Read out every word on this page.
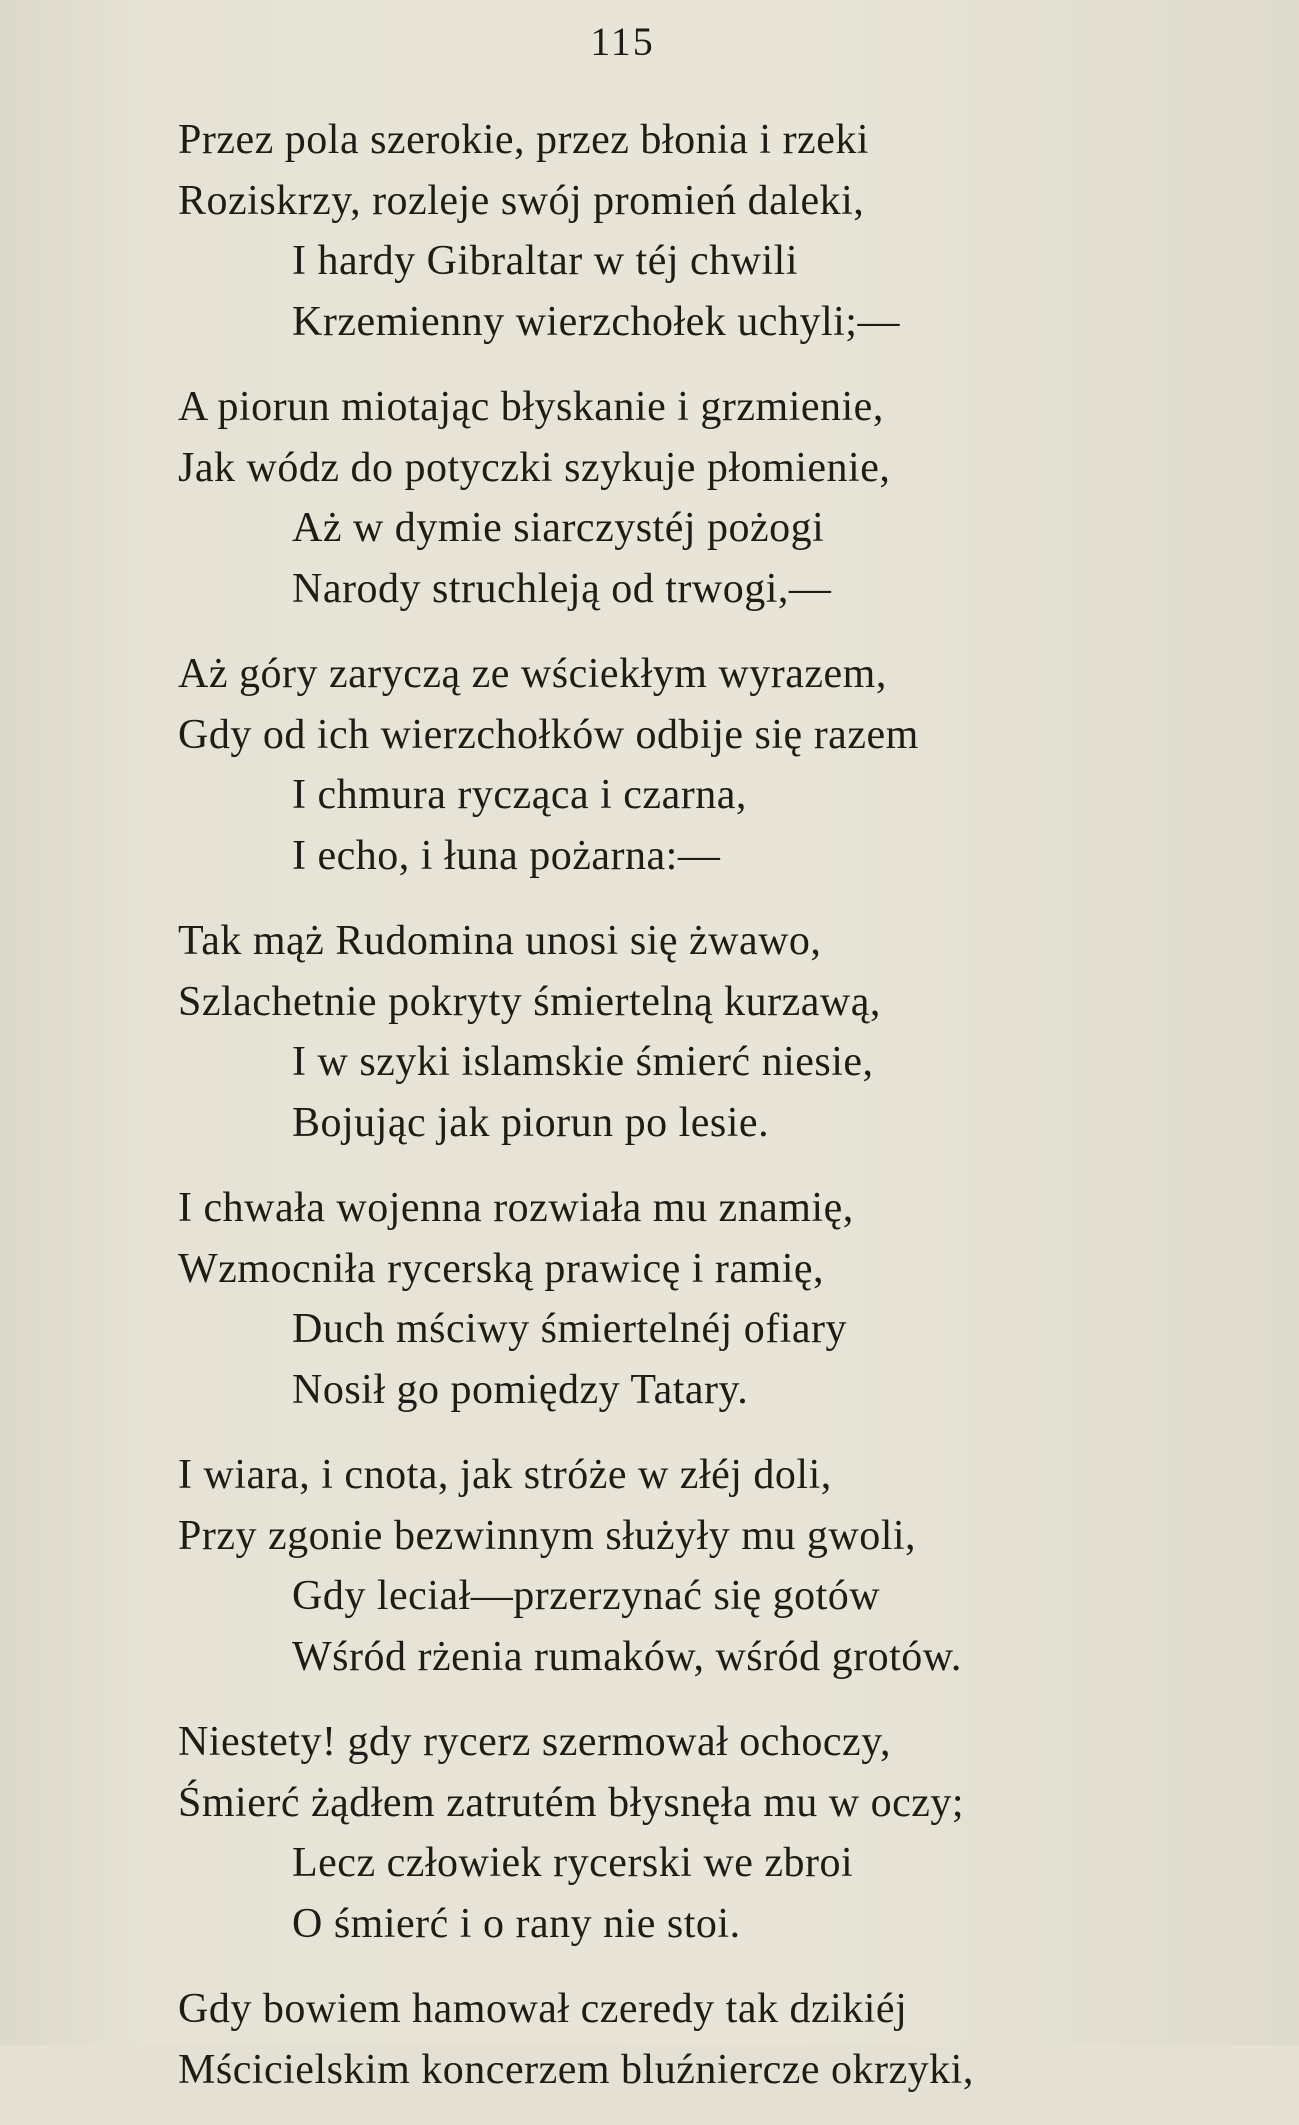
115
Przez pola szerokie, przez błonia i rzeki
Roziskrzy, rozleje swój promień daleki,
I hardy Gibraltar w téj chwili
Krzemienny wierzchołek uchyli;—
A piorun miotając błyskanie i grzmienie,
Jak wódz do potyczki szykuje płomienie,
Aż w dymie siarczystéj pożogi
Narody struchleją od trwogi,—
Aż góry zaryczą ze wściekłym wyrazem,
Gdy od ich wierzchołków odbije się razem
I chmura rycząca i czarna,
I echo, i łuna pożarna:—
Tak mąż Rudomina unosi się żwawo,
Szlachetnie pokryty śmiertelną kurzawą,
I w szyki islamskie śmierć niesie,
Bojując jak piorun po lesie.
I chwała wojenna rozwiała mu znamię,
Wzmocniła rycerską prawicę i ramię,
Duch mściwy śmiertelnéj ofiary
Nosił go pomiędzy Tatary.
I wiara, i cnota, jak stróże w złéj doli,
Przy zgonie bezwinnym służyły mu gwoli,
Gdy leciał—przerzynać się gotów
Wśród rżenia rumaków, wśród grotów.
Niestety! gdy rycerz szermował ochoczy,
Śmierć żądłem zatrutém błysnęła mu w oczy;
Lecz człowiek rycerski we zbroi
O śmierć i o rany nie stoi.
Gdy bowiem hamował czeredy tak dzikiéj
Mścicielskim koncerzem bluźniercze okrzyki,
